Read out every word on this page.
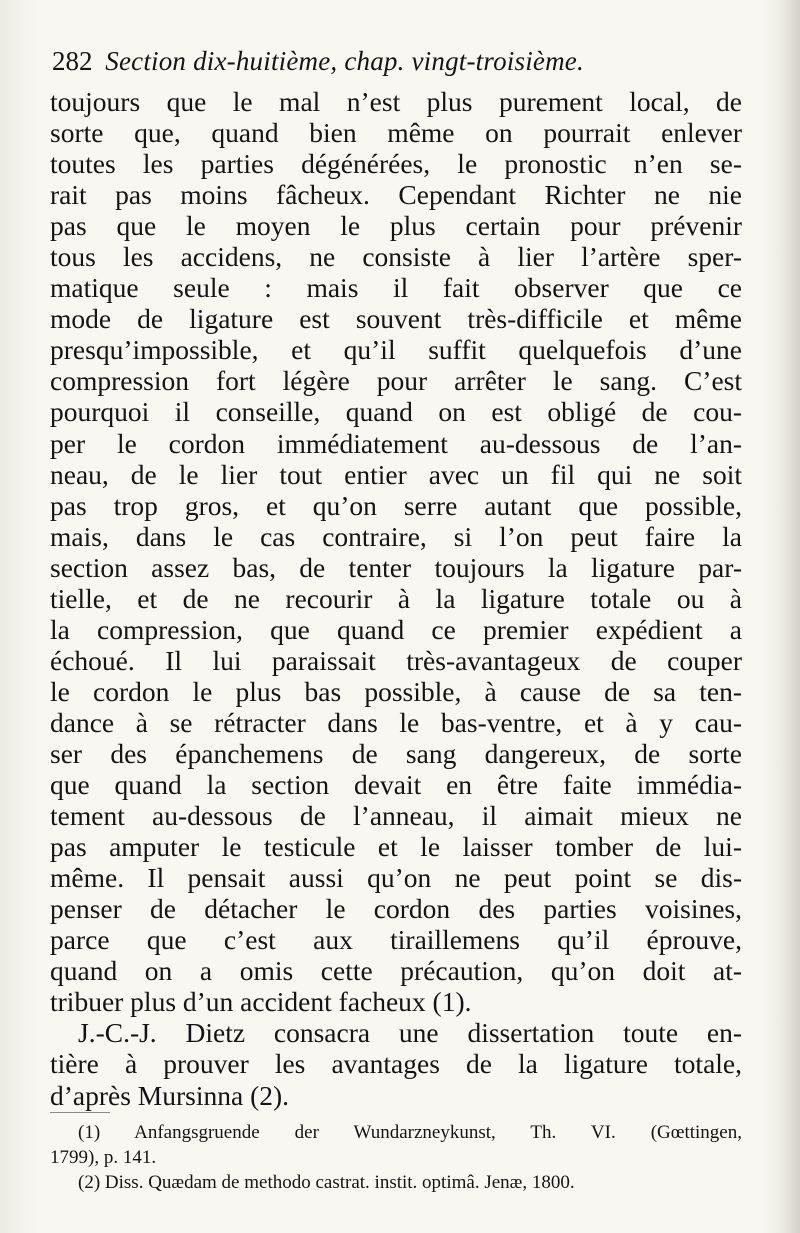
282 Section dix-huitième, chap. vingt-troisième.
toujours que le mal n’est plus purement local, de
sorte que, quand bien même on pourrait enlever
toutes les parties dégénérées, le pronostic n’en se-
rait pas moins fâcheux. Cependant Richter ne nie
pas que le moyen le plus certain pour prévenir
tous les accidens, ne consiste à lier l’artère sper-
matique seule : mais il fait observer que ce
mode de ligature est souvent très-difficile et même
presqu’impossible, et qu’il suffit quelquefois d’une
compression fort légère pour arrêter le sang. C’est
pourquoi il conseille, quand on est obligé de cou-
per le cordon immédiatement au-dessous de l’an-
neau, de le lier tout entier avec un fil qui ne soit
pas trop gros, et qu’on serre autant que possible,
mais, dans le cas contraire, si l’on peut faire la
section assez bas, de tenter toujours la ligature par-
tielle, et de ne recourir à la ligature totale ou à
la compression, que quand ce premier expédient a
échoué. Il lui paraissait très-avantageux de couper
le cordon le plus bas possible, à cause de sa ten-
dance à se rétracter dans le bas-ventre, et à y cau-
ser des épanchemens de sang dangereux, de sorte
que quand la section devait en être faite immédia-
tement au-dessous de l’anneau, il aimait mieux ne
pas amputer le testicule et le laisser tomber de lui-
même. Il pensait aussi qu’on ne peut point se dis-
penser de détacher le cordon des parties voisines,
parce que c’est aux tiraillemens qu’il éprouve,
quand on a omis cette précaution, qu’on doit at-
tribuer plus d’un accident facheux (1).
J.-C.-J. Dietz consacra une dissertation toute en-
tière à prouver les avantages de la ligature totale,
d’après Mursinna (2).
(1) Anfangsgruende der Wundarzneykunst, Th. VI. (Gœttingen,
1799), p. 141.
(2) Diss. Quædam de methodo castrat. instit. optimâ. Jenæ, 1800.
